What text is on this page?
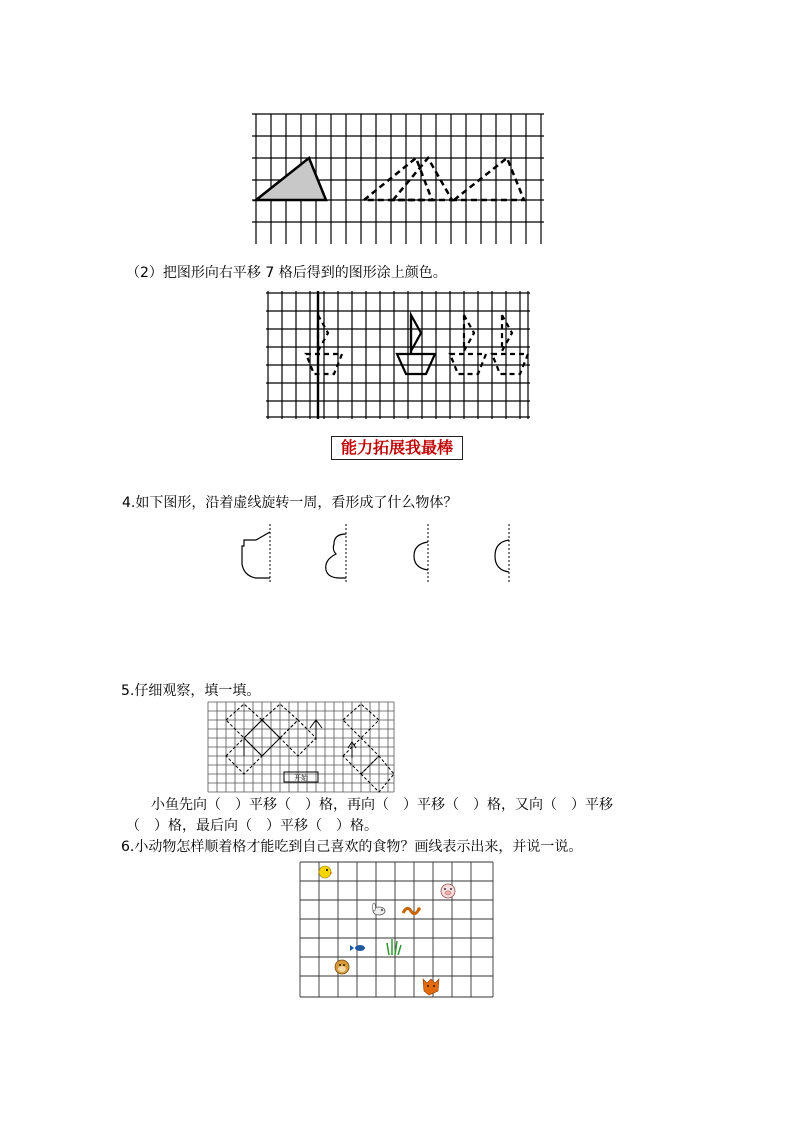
（2）把图形向右平移 7 格后得到的图形涂上颜色。
能力拓展我最棒
4.如下图形，沿着虚线旋转一周，看形成了什么物体？
5.仔细观察，填一填。
开始
小鱼先向（　）平移（　）格，再向（　）平移（　）格，又向（　）平移
（　）格，最后向（　）平移（　）格。
6.小动物怎样顺着格才能吃到自己喜欢的食物？画线表示出来，并说一说。
